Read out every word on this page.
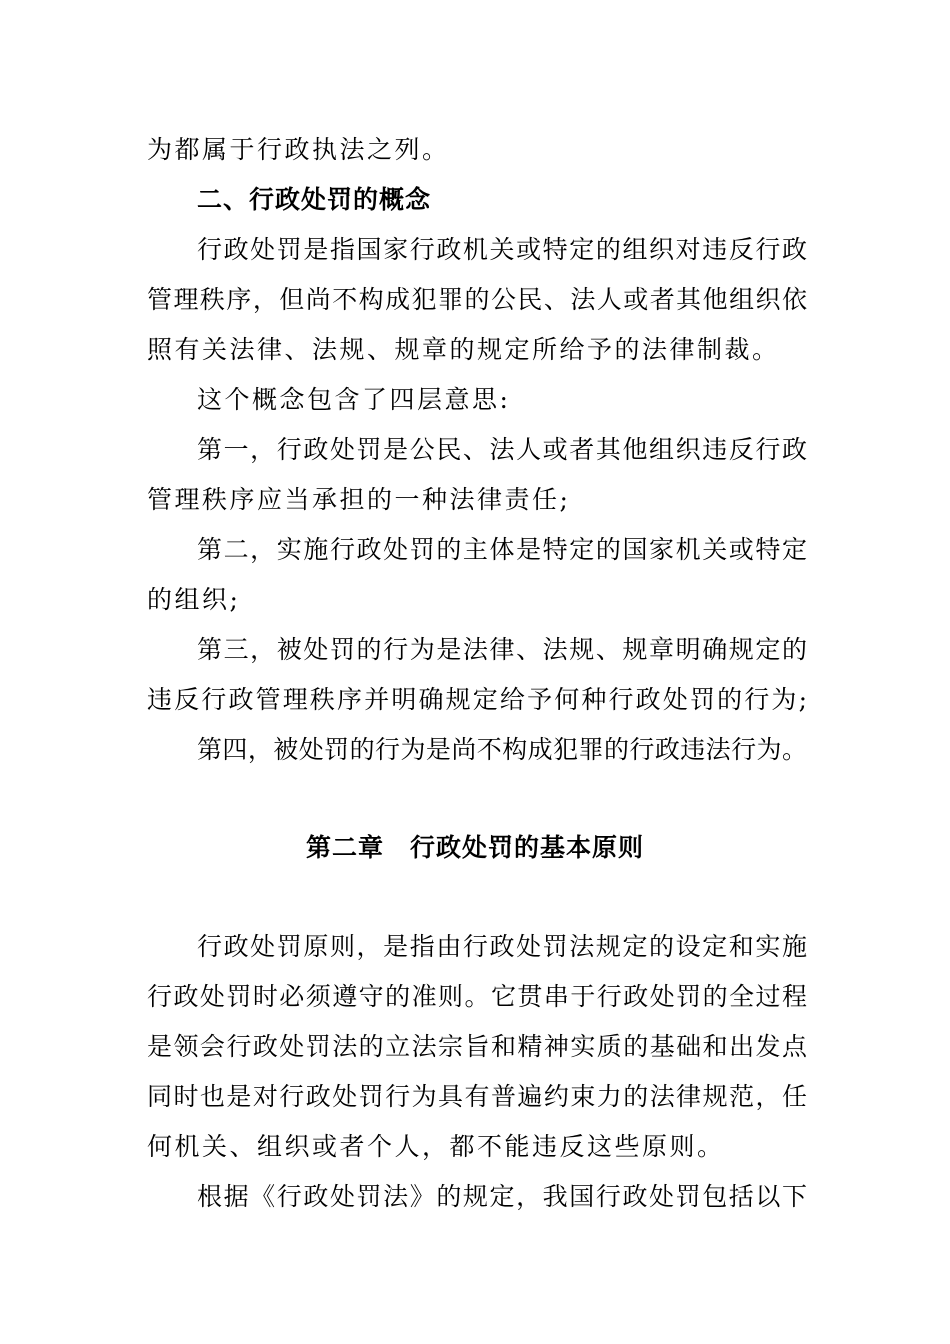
为都属于行政执法之列。
二、行政处罚的概念
行政处罚是指国家行政机关或特定的组织对违反行政
管理秩序，但尚不构成犯罪的公民、法人或者其他组织依
照有关法律、法规、规章的规定所给予的法律制裁。
这个概念包含了四层意思:
第一，行政处罚是公民、法人或者其他组织违反行政
管理秩序应当承担的一种法律责任;
第二，实施行政处罚的主体是特定的国家机关或特定
的组织;
第三，被处罚的行为是法律、法规、规章明确规定的
违反行政管理秩序并明确规定给予何种行政处罚的行为;
第四，被处罚的行为是尚不构成犯罪的行政违法行为。
第二章　行政处罚的基本原则
行政处罚原则，是指由行政处罚法规定的设定和实施
行政处罚时必须遵守的准则。它贯串于行政处罚的全过程
是领会行政处罚法的立法宗旨和精神实质的基础和出发点
同时也是对行政处罚行为具有普遍约束力的法律规范，任
何机关、组织或者个人，都不能违反这些原则。
根据《行政处罚法》的规定，我国行政处罚包括以下
